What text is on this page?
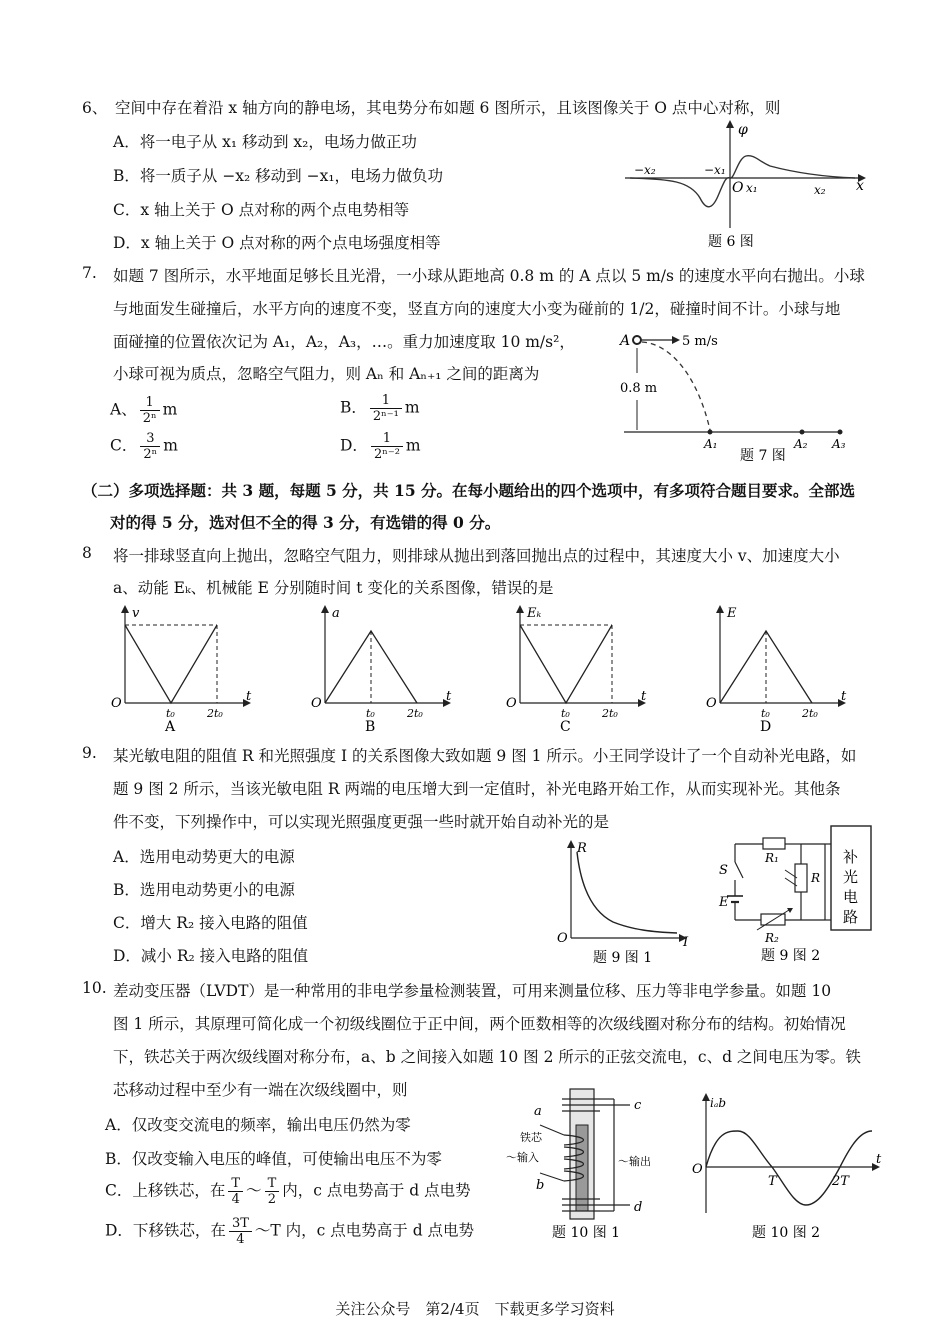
6、 空间中存在着沿 x 轴方向的静电场，其电势分布如题 6 图所示，且该图像关于 O 点中心对称，则
A．将一电子从 x₁ 移动到 x₂，电场力做正功
B．将一质子从 −x₂ 移动到 −x₁，电场力做负功
C．x 轴上关于 O 点对称的两个点电势相等
D．x 轴上关于 O 点对称的两个点电场强度相等
φ
x
O x₁	x₂
−x₁
−x₂
题 6 图
7. 如题 7 图所示，水平地面足够长且光滑，一小球从距地高 0.8 m 的 A 点以 5 m/s 的速度水平向右抛出。小球
与地面发生碰撞后，水平方向的速度不变，竖直方向的速度大小变为碰前的 1/2，碰撞时间不计。小球与地
面碰撞的位置依次记为 A₁，A₂，A₃，…。重力加速度取 10 m/s²，
小球可视为质点，忽略空气阻力，则 Aₙ 和 Aₙ₊₁ 之间的距离为
A、 $\frac{1}{\text{2ⁿ}}$ m	B． $\frac{1}{\text{2ⁿ⁻¹}}$ m
C． $\frac{3}{\text{2ⁿ}}$ m	D． $\frac{1}{\text{2ⁿ⁻²}}$ m
A	5 m/s
0.8 m
A₁	A₂ A₃
题 7 图
（二）多项选择题：共 3 题，每题 5 分，共 15 分。在每小题给出的四个选项中，有多项符合题目要求。全部选
对的得 5 分，选对但不全的得 3 分，有选错的得 0 分。
8 将一排球竖直向上抛出，忽略空气阻力，则排球从抛出到落回抛出点的过程中，其速度大小 v、加速度大小
a、动能 Eₖ、机械能 E 分别随时间 t 变化的关系图像，错误的是
v
O	t
t₀	2t₀
A
a
O	t
t₀	2t₀
B
Eₖ
O	t
t₀	2t₀
C
E
O	t
t₀	2t₀
D
9. 某光敏电阻的阻值 R 和光照强度 I 的关系图像大致如题 9 图 1 所示。小王同学设计了一个自动补光电路，如
题 9 图 2 所示，当该光敏电阻 R 两端的电压增大到一定值时，补光电路开始工作，从而实现补光。其他条
件不变，下列操作中，可以实现光照强度更强一些时就开始自动补光的是
A．选用电动势更大的电源
B．选用电动势更小的电源
C．增大 R₂ 接入电路的阻值
D．减小 R₂ 接入电路的阻值
R
O	I
题 9 图 1
补
光
电
路
S
R₁
R
E
R₂
题 9 图 2
10. 差动变压器（LVDT）是一种常用的非电学参量检测装置，可用来测量位移、压力等非电学参量。如题 10
图 1 所示，其原理可简化成一个初级线圈位于正中间，两个匝数相等的次级线圈对称分布的结构。初始情况
下，铁芯关于两次级线圈对称分布，a、b 之间接入如题 10 图 2 所示的正弦交流电，c、d 之间电压为零。铁
芯移动过程中至少有一端在次级线圈中，则
A．仅改变交流电的频率，输出电压仍然为零
B．仅改变输入电压的峰值，可使输出电压不为零
C．上移铁芯，在 $\frac{T}{4}$ ～ $\frac{T}{2}$ 内，c 点电势高于 d 点电势
D．下移铁芯，在 $\frac{3T}{4}$ ～T 内，c 点电势高于 d 点电势
a
b
c
d
铁芯
～输入	～输出
题 10 图 1
iₐb
O
t
T	2T
题 10 图 2
关注公众号　第2/4页　下载更多学习资料
